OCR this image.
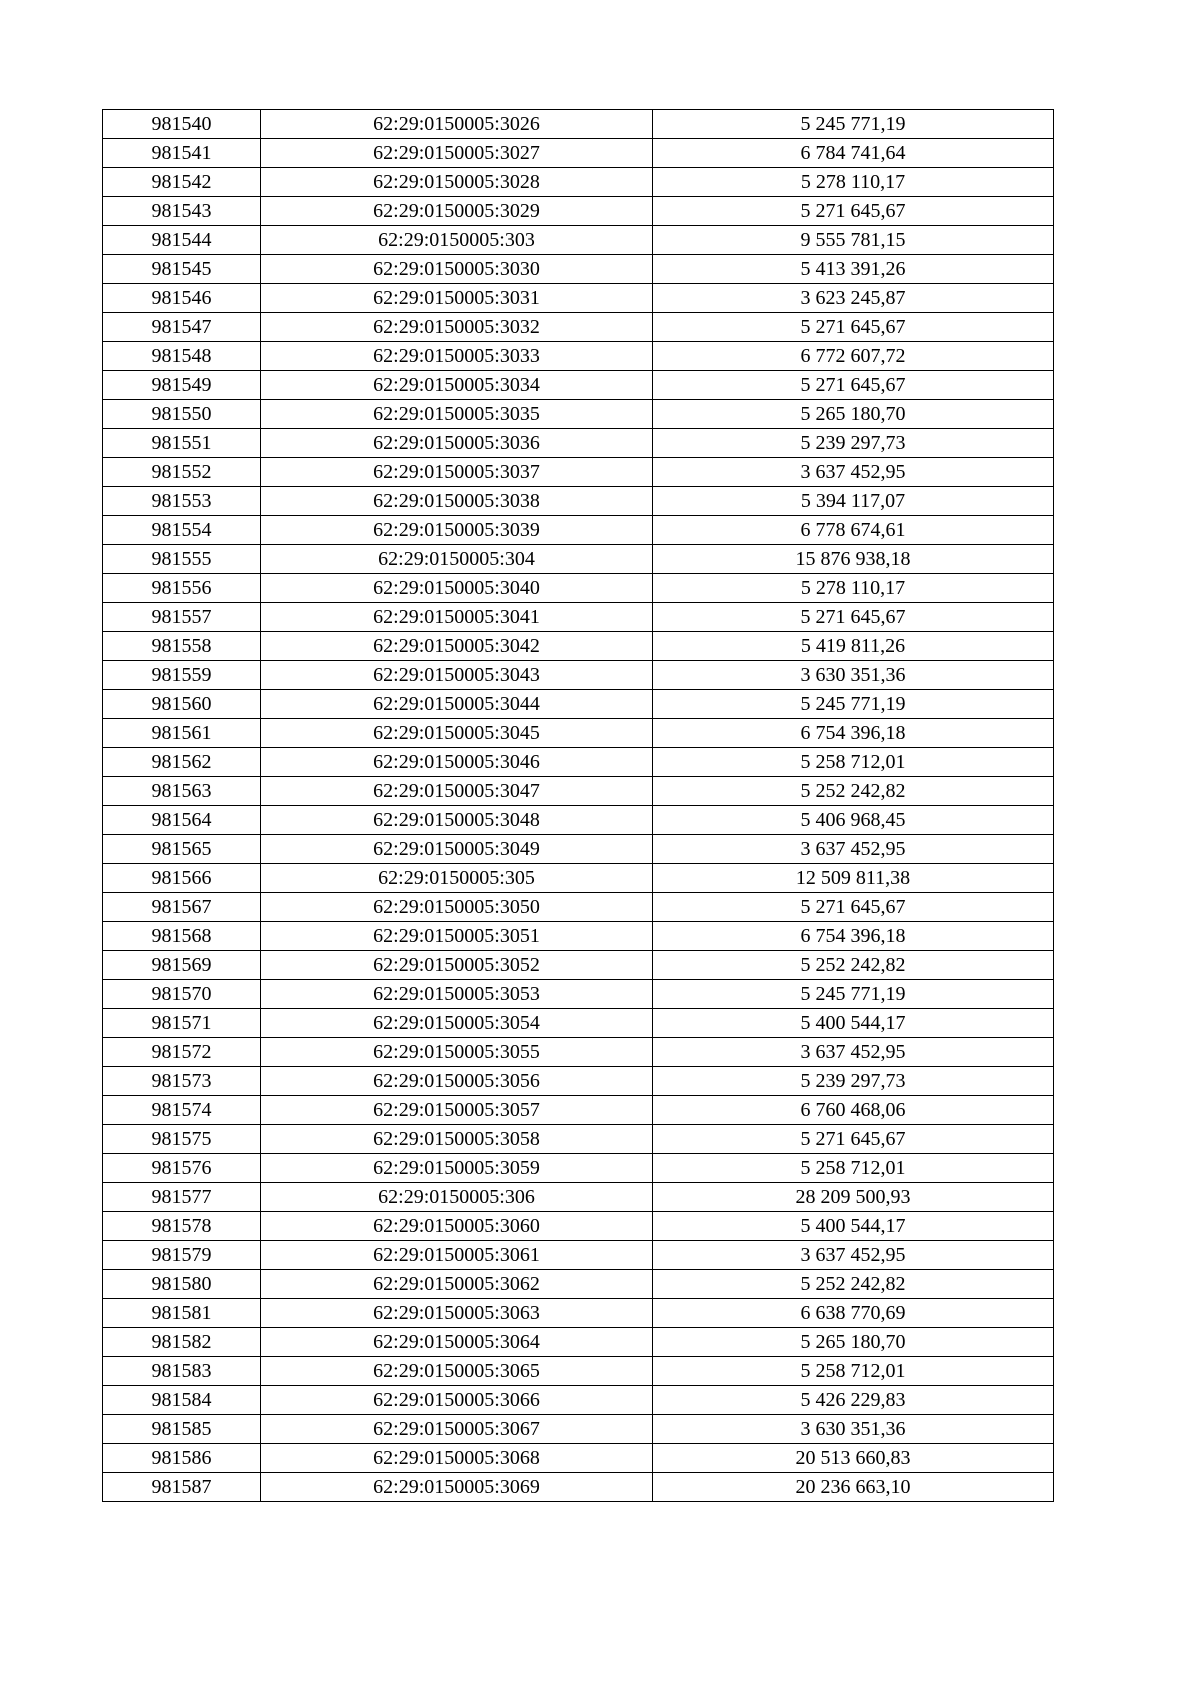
981540	62:29:0150005:3026	5 245 771,19
981541	62:29:0150005:3027	6 784 741,64
981542	62:29:0150005:3028	5 278 110,17
981543	62:29:0150005:3029	5 271 645,67
981544	62:29:0150005:303	9 555 781,15
981545	62:29:0150005:3030	5 413 391,26
981546	62:29:0150005:3031	3 623 245,87
981547	62:29:0150005:3032	5 271 645,67
981548	62:29:0150005:3033	6 772 607,72
981549	62:29:0150005:3034	5 271 645,67
981550	62:29:0150005:3035	5 265 180,70
981551	62:29:0150005:3036	5 239 297,73
981552	62:29:0150005:3037	3 637 452,95
981553	62:29:0150005:3038	5 394 117,07
981554	62:29:0150005:3039	6 778 674,61
981555	62:29:0150005:304	15 876 938,18
981556	62:29:0150005:3040	5 278 110,17
981557	62:29:0150005:3041	5 271 645,67
981558	62:29:0150005:3042	5 419 811,26
981559	62:29:0150005:3043	3 630 351,36
981560	62:29:0150005:3044	5 245 771,19
981561	62:29:0150005:3045	6 754 396,18
981562	62:29:0150005:3046	5 258 712,01
981563	62:29:0150005:3047	5 252 242,82
981564	62:29:0150005:3048	5 406 968,45
981565	62:29:0150005:3049	3 637 452,95
981566	62:29:0150005:305	12 509 811,38
981567	62:29:0150005:3050	5 271 645,67
981568	62:29:0150005:3051	6 754 396,18
981569	62:29:0150005:3052	5 252 242,82
981570	62:29:0150005:3053	5 245 771,19
981571	62:29:0150005:3054	5 400 544,17
981572	62:29:0150005:3055	3 637 452,95
981573	62:29:0150005:3056	5 239 297,73
981574	62:29:0150005:3057	6 760 468,06
981575	62:29:0150005:3058	5 271 645,67
981576	62:29:0150005:3059	5 258 712,01
981577	62:29:0150005:306	28 209 500,93
981578	62:29:0150005:3060	5 400 544,17
981579	62:29:0150005:3061	3 637 452,95
981580	62:29:0150005:3062	5 252 242,82
981581	62:29:0150005:3063	6 638 770,69
981582	62:29:0150005:3064	5 265 180,70
981583	62:29:0150005:3065	5 258 712,01
981584	62:29:0150005:3066	5 426 229,83
981585	62:29:0150005:3067	3 630 351,36
981586	62:29:0150005:3068	20 513 660,83
981587	62:29:0150005:3069	20 236 663,10
